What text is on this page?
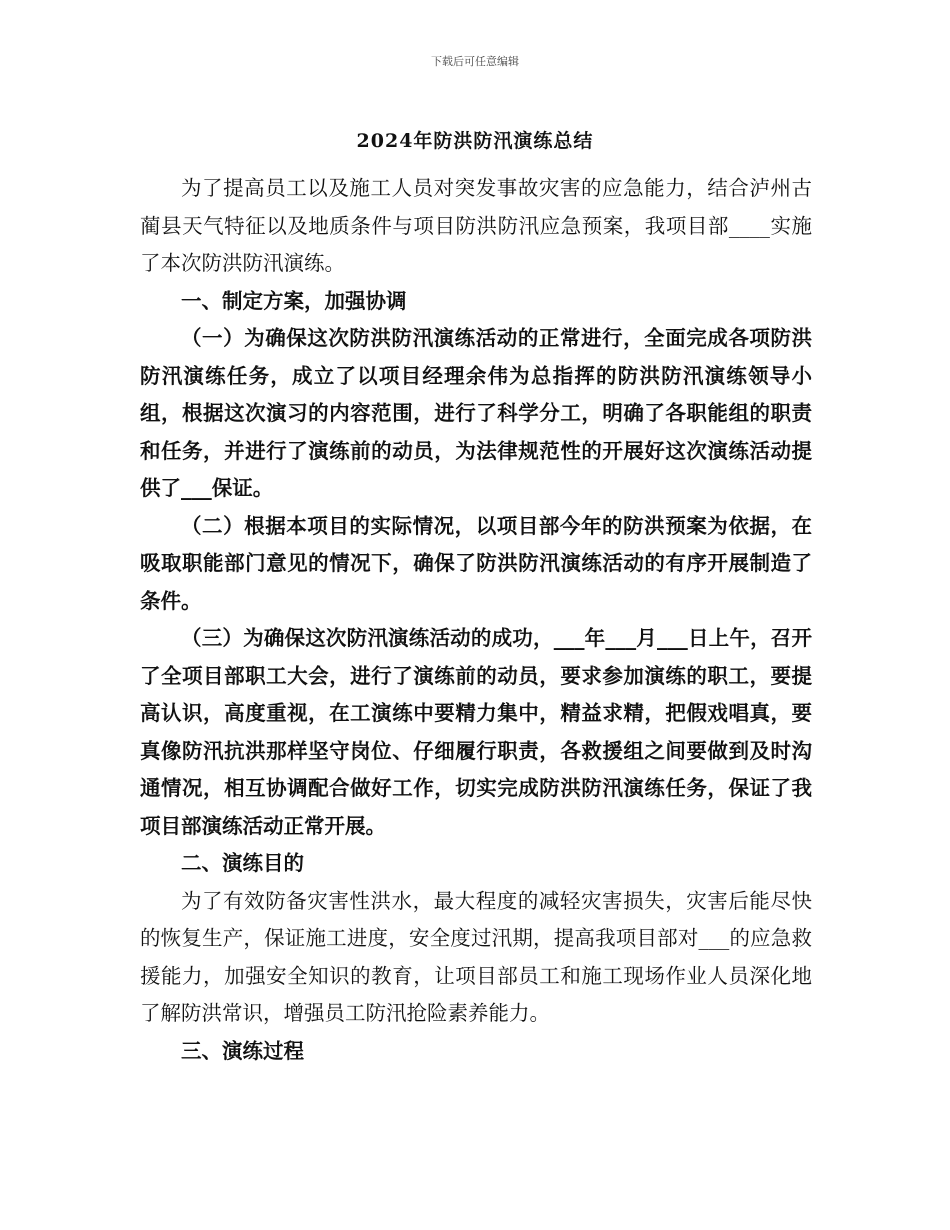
下载后可任意编辑
2024年防洪防汛演练总结

为了提高员工以及施工人员对突发事故灾害的应急能力，结合泸州古蔺县天气特征以及地质条件与项目防洪防汛应急预案，我项目部____实施了本次防洪防汛演练。

一、制定方案，加强协调

（一）为确保这次防洪防汛演练活动的正常进行，全面完成各项防洪防汛演练任务，成立了以项目经理余伟为总指挥的防洪防汛演练领导小组，根据这次演习的内容范围，进行了科学分工，明确了各职能组的职责和任务，并进行了演练前的动员，为法律规范性的开展好这次演练活动提供了___保证。

（二）根据本项目的实际情况，以项目部今年的防洪预案为依据，在吸取职能部门意见的情况下，确保了防洪防汛演练活动的有序开展制造了条件。

（三）为确保这次防汛演练活动的成功，___年___月___日上午，召开了全项目部职工大会，进行了演练前的动员，要求参加演练的职工，要提高认识，高度重视，在工演练中要精力集中，精益求精，把假戏唱真，要真像防汛抗洪那样坚守岗位、仔细履行职责，各救援组之间要做到及时沟通情况，相互协调配合做好工作，切实完成防洪防汛演练任务，保证了我项目部演练活动正常开展。

二、演练目的

为了有效防备灾害性洪水，最大程度的减轻灾害损失，灾害后能尽快的恢复生产，保证施工进度，安全度过汛期，提高我项目部对___的应急救援能力，加强安全知识的教育，让项目部员工和施工现场作业人员深化地了解防洪常识，增强员工防汛抢险素养能力。

三、演练过程
